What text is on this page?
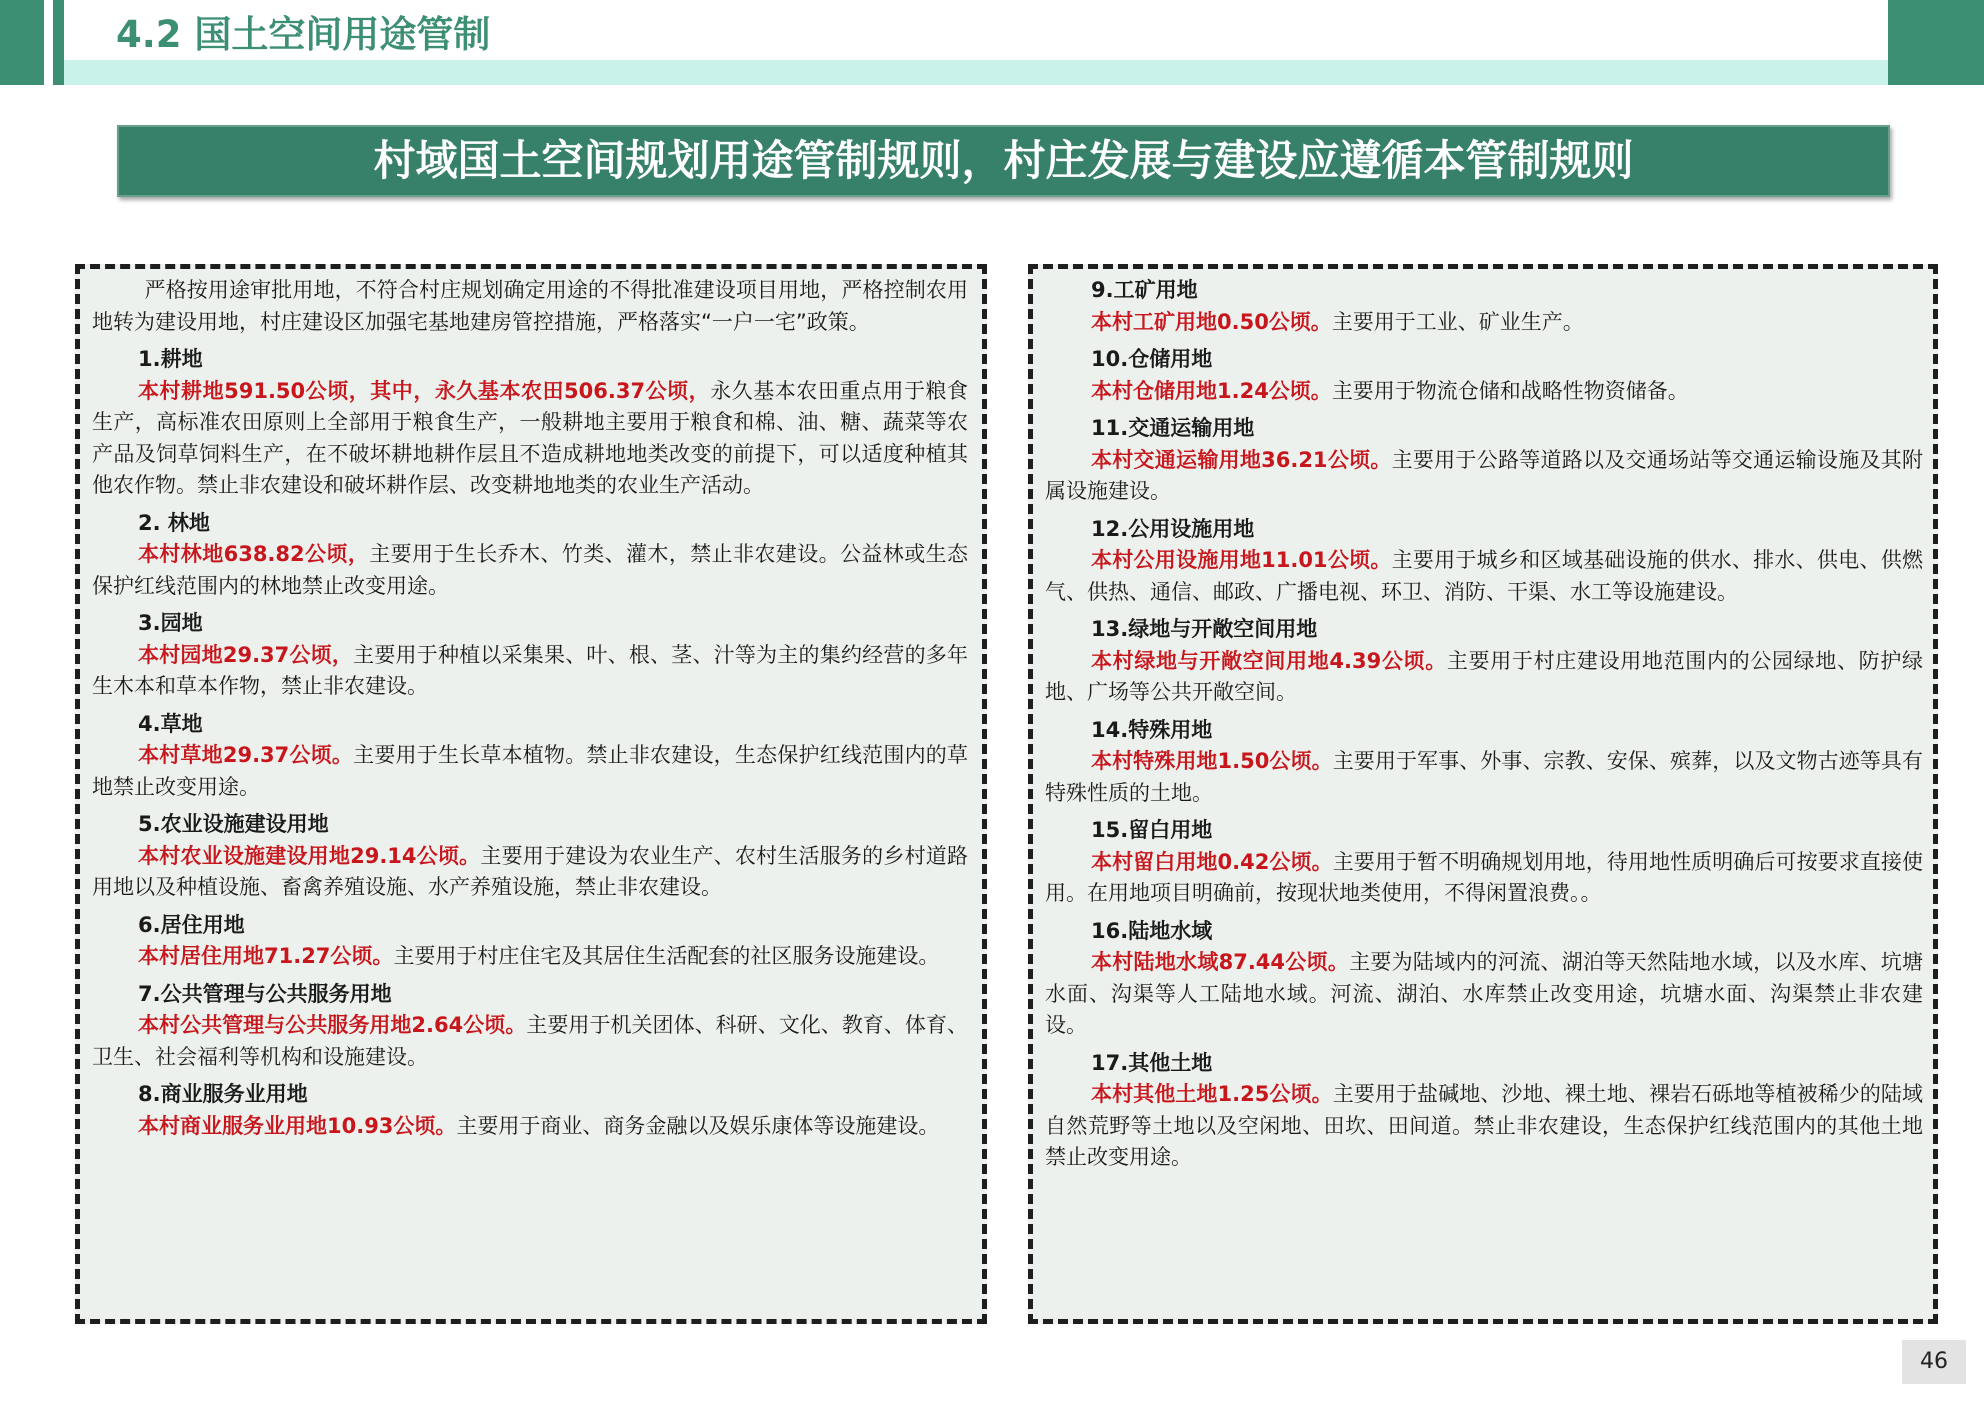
4.2 国土空间用途管制
村域国土空间规划用途管制规则，村庄发展与建设应遵循本管制规则

严格按用途审批用地，不符合村庄规划确定用途的不得批准建设项目用地，严格控制农用地转为建设用地，村庄建设区加强宅基地建房管控措施，严格落实“一户一宅”政策。

1.耕地

本村耕地591.50公顷，其中，永久基本农田506.37公顷，永久基本农田重点用于粮食生产，高标准农田原则上全部用于粮食生产，一般耕地主要用于粮食和棉、油、糖、蔬菜等农产品及饲草饲料生产，在不破坏耕地耕作层且不造成耕地地类改变的前提下，可以适度种植其他农作物。禁止非农建设和破坏耕作层、改变耕地地类的农业生产活动。

2. 林地

本村林地638.82公顷，主要用于生长乔木、竹类、灌木，禁止非农建设。公益林或生态保护红线范围内的林地禁止改变用途。

3.园地

本村园地29.37公顷，主要用于种植以采集果、叶、根、茎、汁等为主的集约经营的多年生木本和草本作物，禁止非农建设。

4.草地

本村草地29.37公顷。主要用于生长草本植物。禁止非农建设，生态保护红线范围内的草地禁止改变用途。

5.农业设施建设用地

本村农业设施建设用地29.14公顷。主要用于建设为农业生产、农村生活服务的乡村道路用地以及种植设施、畜禽养殖设施、水产养殖设施，禁止非农建设。

6.居住用地

本村居住用地71.27公顷。主要用于村庄住宅及其居住生活配套的社区服务设施建设。

7.公共管理与公共服务用地

本村公共管理与公共服务用地2.64公顷。主要用于机关团体、科研、文化、教育、体育、卫生、社会福利等机构和设施建设。

8.商业服务业用地

本村商业服务业用地10.93公顷。主要用于商业、商务金融以及娱乐康体等设施建设。

9.工矿用地

本村工矿用地0.50公顷。主要用于工业、矿业生产。

10.仓储用地

本村仓储用地1.24公顷。主要用于物流仓储和战略性物资储备。

11.交通运输用地

本村交通运输用地36.21公顷。主要用于公路等道路以及交通场站等交通运输设施及其附属设施建设。

12.公用设施用地

本村公用设施用地11.01公顷。主要用于城乡和区域基础设施的供水、排水、供电、供燃气、供热、通信、邮政、广播电视、环卫、消防、干渠、水工等设施建设。

13.绿地与开敞空间用地

本村绿地与开敞空间用地4.39公顷。主要用于村庄建设用地范围内的公园绿地、防护绿地、广场等公共开敞空间。

14.特殊用地

本村特殊用地1.50公顷。主要用于军事、外事、宗教、安保、殡葬，以及文物古迹等具有特殊性质的土地。

15.留白用地

本村留白用地0.42公顷。主要用于暂不明确规划用地，待用地性质明确后可按要求直接使用。在用地项目明确前，按现状地类使用，不得闲置浪费。。

16.陆地水域

本村陆地水域87.44公顷。主要为陆域内的河流、湖泊等天然陆地水域，以及水库、坑塘水面、沟渠等人工陆地水域。河流、湖泊、水库禁止改变用途，坑塘水面、沟渠禁止非农建设。

17.其他土地

本村其他土地1.25公顷。主要用于盐碱地、沙地、裸土地、裸岩石砾地等植被稀少的陆域自然荒野等土地以及空闲地、田坎、田间道。禁止非农建设，生态保护红线范围内的其他土地禁止改变用途。

46
